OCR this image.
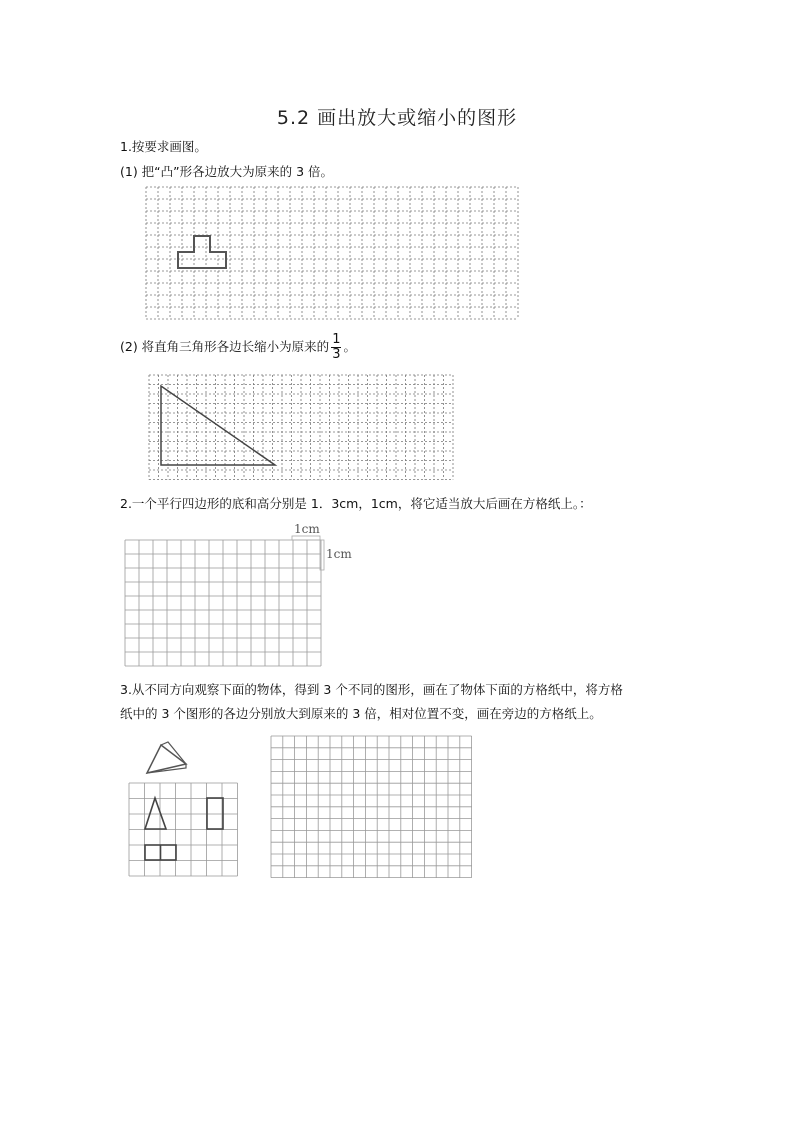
5.2 画出放大或缩小的图形
1.按要求画图。
(1) 把“凸”形各边放大为原来的 3 倍。
(2) 将直角三角形各边长缩小为原来的 $\frac{1}{3}$ 。
2.一个平行四边形的底和高分别是 1．3cm，1cm，将它适当放大后画在方格纸上。：
1cm
1cm
3.从不同方向观察下面的物体，得到 3 个不同的图形，画在了物体下面的方格纸中，将方格
纸中的 3 个图形的各边分别放大到原来的 3 倍，相对位置不变，画在旁边的方格纸上。
